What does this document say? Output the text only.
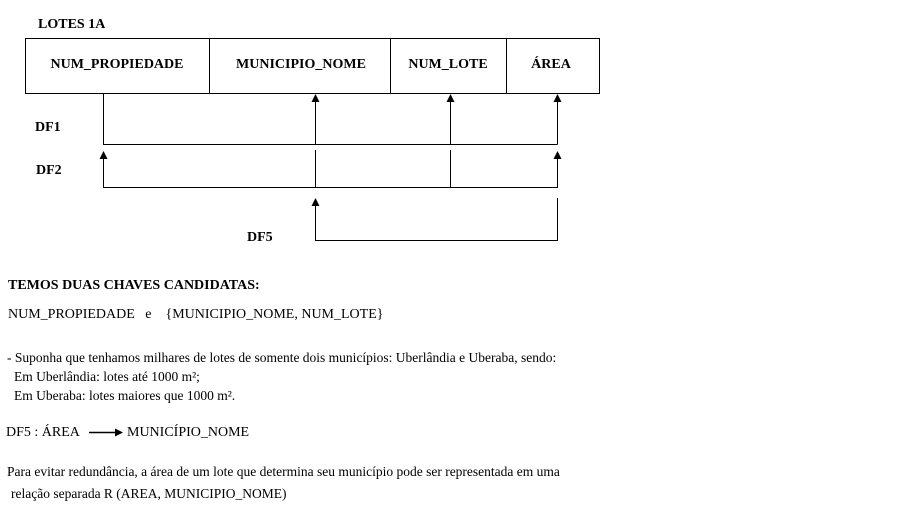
NUM_PROPIEDADE	MUNICIPIO_NOME	NUM_LOTE	ÁREA
LOTES 1A
DF1
DF2
DF5
TEMOS DUAS CHAVES CANDIDATAS:
NUM_PROPIEDADE   e    {MUNICIPIO_NOME, NUM_LOTE}
- Suponha que tenhamos milhares de lotes de somente dois municípios: Uberlândia e Uberaba, sendo:
Em Uberlândia: lotes até 1000 m²;
Em Uberaba: lotes maiores que 1000 m².
DF5 : ÁREA	MUNICÍPIO_NOME
Para evitar redundância, a área de um lote que determina seu município pode ser representada em uma
relação separada R (AREA, MUNICIPIO_NOME)
